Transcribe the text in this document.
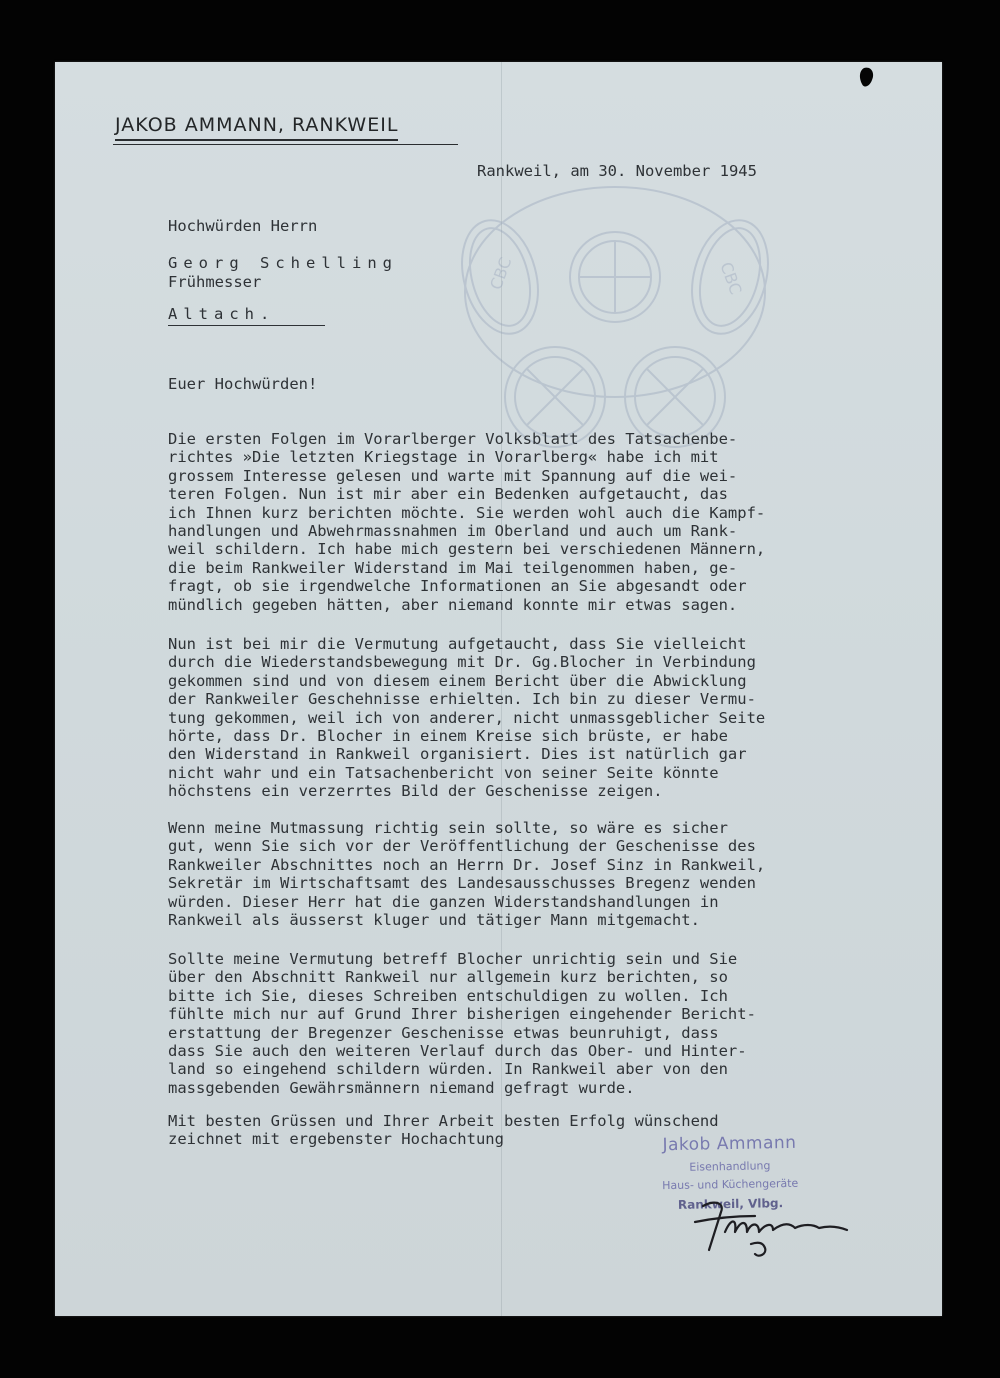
CBC	CBC
JAKOB AMMANN, RANKWEIL
Rankweil, am 30. November 1945
Hochwürden Herrn
Georg Schelling
Frühmesser
Altach.
Euer Hochwürden!
Die ersten Folgen im Vorarlberger Volksblatt des Tatsachenbe-
richtes »Die letzten Kriegstage in Vorarlberg« habe ich mit
grossem Interesse gelesen und warte mit Spannung auf die wei-
teren Folgen. Nun ist mir aber ein Bedenken aufgetaucht, das
ich Ihnen kurz berichten möchte. Sie werden wohl auch die Kampf-
handlungen und Abwehrmassnahmen im Oberland und auch um Rank-
weil schildern. Ich habe mich gestern bei verschiedenen Männern,
die beim Rankweiler Widerstand im Mai teilgenommen haben, ge-
fragt, ob sie irgendwelche Informationen an Sie abgesandt oder
mündlich gegeben hätten, aber niemand konnte mir etwas sagen.
Nun ist bei mir die Vermutung aufgetaucht, dass Sie vielleicht
durch die Wiederstandsbewegung mit Dr. Gg.Blocher in Verbindung
gekommen sind und von diesem einem Bericht über die Abwicklung
der Rankweiler Geschehnisse erhielten. Ich bin zu dieser Vermu-
tung gekommen, weil ich von anderer, nicht unmassgeblicher Seite
hörte, dass Dr. Blocher in einem Kreise sich brüste, er habe
den Widerstand in Rankweil organisiert. Dies ist natürlich gar
nicht wahr und ein Tatsachenbericht von seiner Seite könnte
höchstens ein verzerrtes Bild der Geschenisse zeigen.
Wenn meine Mutmassung richtig sein sollte, so wäre es sicher
gut, wenn Sie sich vor der Veröffentlichung der Geschenisse des
Rankweiler Abschnittes noch an Herrn Dr. Josef Sinz in Rankweil,
Sekretär im Wirtschaftsamt des Landesausschusses Bregenz wenden
würden. Dieser Herr hat die ganzen Widerstandshandlungen in
Rankweil als äusserst kluger und tätiger Mann mitgemacht.
Sollte meine Vermutung betreff Blocher unrichtig sein und Sie
über den Abschnitt Rankweil nur allgemein kurz berichten, so
bitte ich Sie, dieses Schreiben entschuldigen zu wollen. Ich
fühlte mich nur auf Grund Ihrer bisherigen eingehender Bericht-
erstattung der Bregenzer Geschenisse etwas beunruhigt, dass
dass Sie auch den weiteren Verlauf durch das Ober- und Hinter-
land so eingehend schildern würden. In Rankweil aber von den
massgebenden Gewährsmännern niemand gefragt wurde.
Mit besten Grüssen und Ihrer Arbeit besten Erfolg wünschend
zeichnet mit ergebenster Hochachtung	Jakob Ammann
Eisenhandlung
Haus- und Küchengeräte
Rankweil, Vlbg.
